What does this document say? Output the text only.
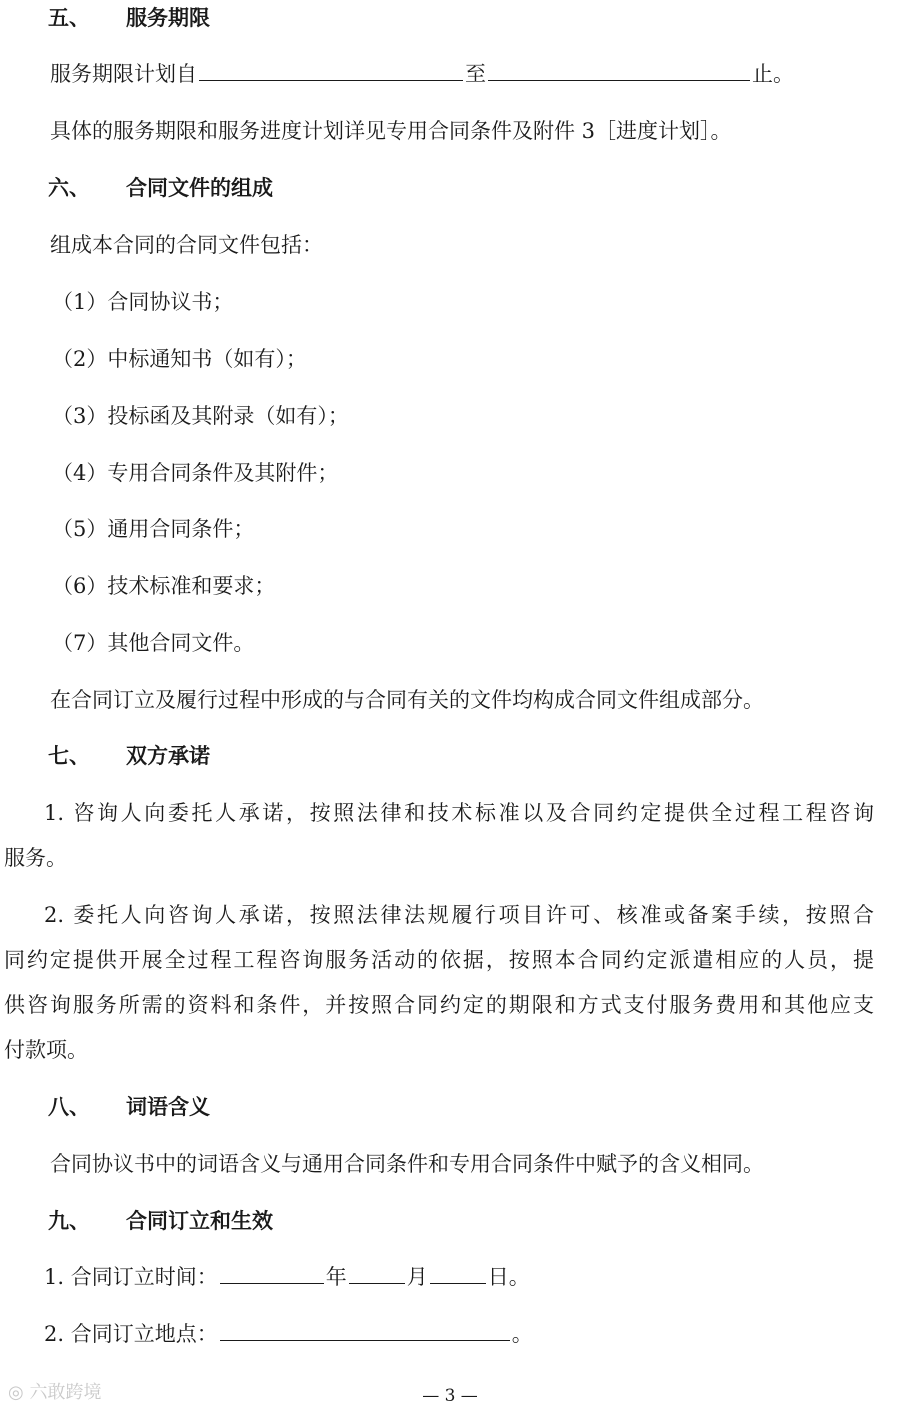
五、 服务期限
服务期限计划自	至	止。
具体的服务期限和服务进度计划详见专用合同条件及附件 3［进度计划］。
六、 合同文件的组成
组成本合同的合同文件包括：
（1）合同协议书；
（2）中标通知书（如有）；
（3）投标函及其附录（如有）；
（4）专用合同条件及其附件；
（5）通用合同条件；
（6）技术标准和要求；
（7）其他合同文件。
在合同订立及履行过程中形成的与合同有关的文件均构成合同文件组成部分。
七、 双方承诺
1. 咨询人向委托人承诺，按照法律和技术标准以及合同约定提供全过程工程咨询
服务。
2. 委托人向咨询人承诺，按照法律法规履行项目许可、核准或备案手续，按照合
同约定提供开展全过程工程咨询服务活动的依据，按照本合同约定派遣相应的人员，提
供咨询服务所需的资料和条件，并按照合同约定的期限和方式支付服务费用和其他应支
付款项。
八、 词语含义
合同协议书中的词语含义与通用合同条件和专用合同条件中赋予的含义相同。
九、 合同订立和生效
1. 合同订立时间：	年	月	日。
2. 合同订立地点：	。
◎ 六敢跨境	— 3 —
